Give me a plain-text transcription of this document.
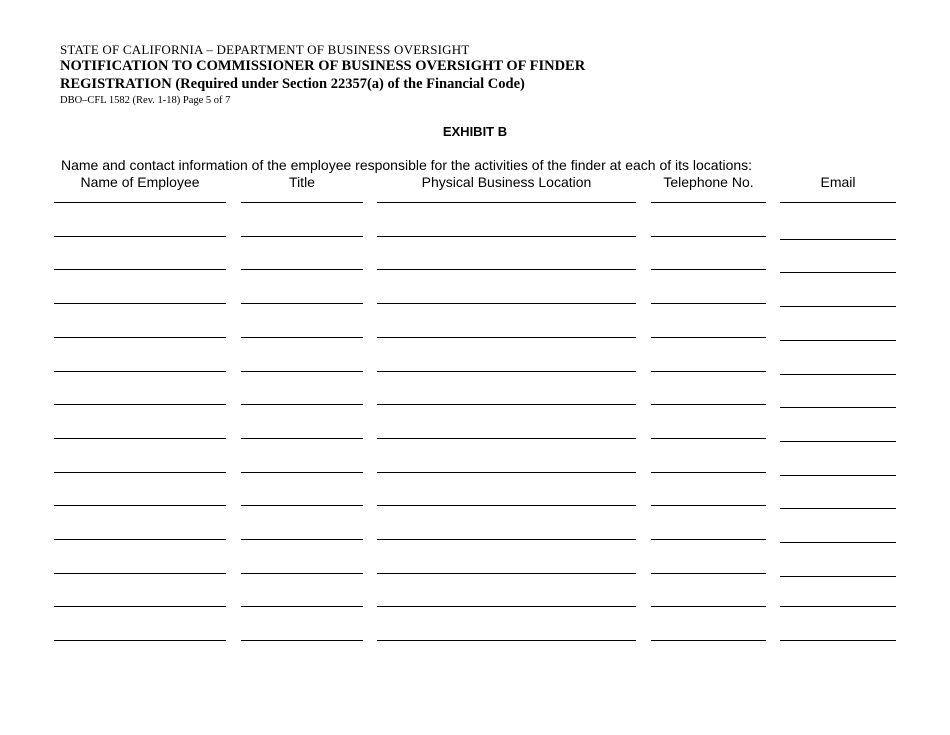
STATE OF CALIFORNIA – DEPARTMENT OF BUSINESS OVERSIGHT
NOTIFICATION TO COMMISSIONER OF BUSINESS OVERSIGHT OF FINDER
REGISTRATION (Required under Section 22357(a) of the Financial Code)
DBO–CFL 1582 (Rev. 1-18) Page 5 of 7
EXHIBIT B
Name and contact information of the employee responsible for the activities of the finder at each of its locations:
Name of Employee	Title	Physical Business Location	Telephone No.	Email
